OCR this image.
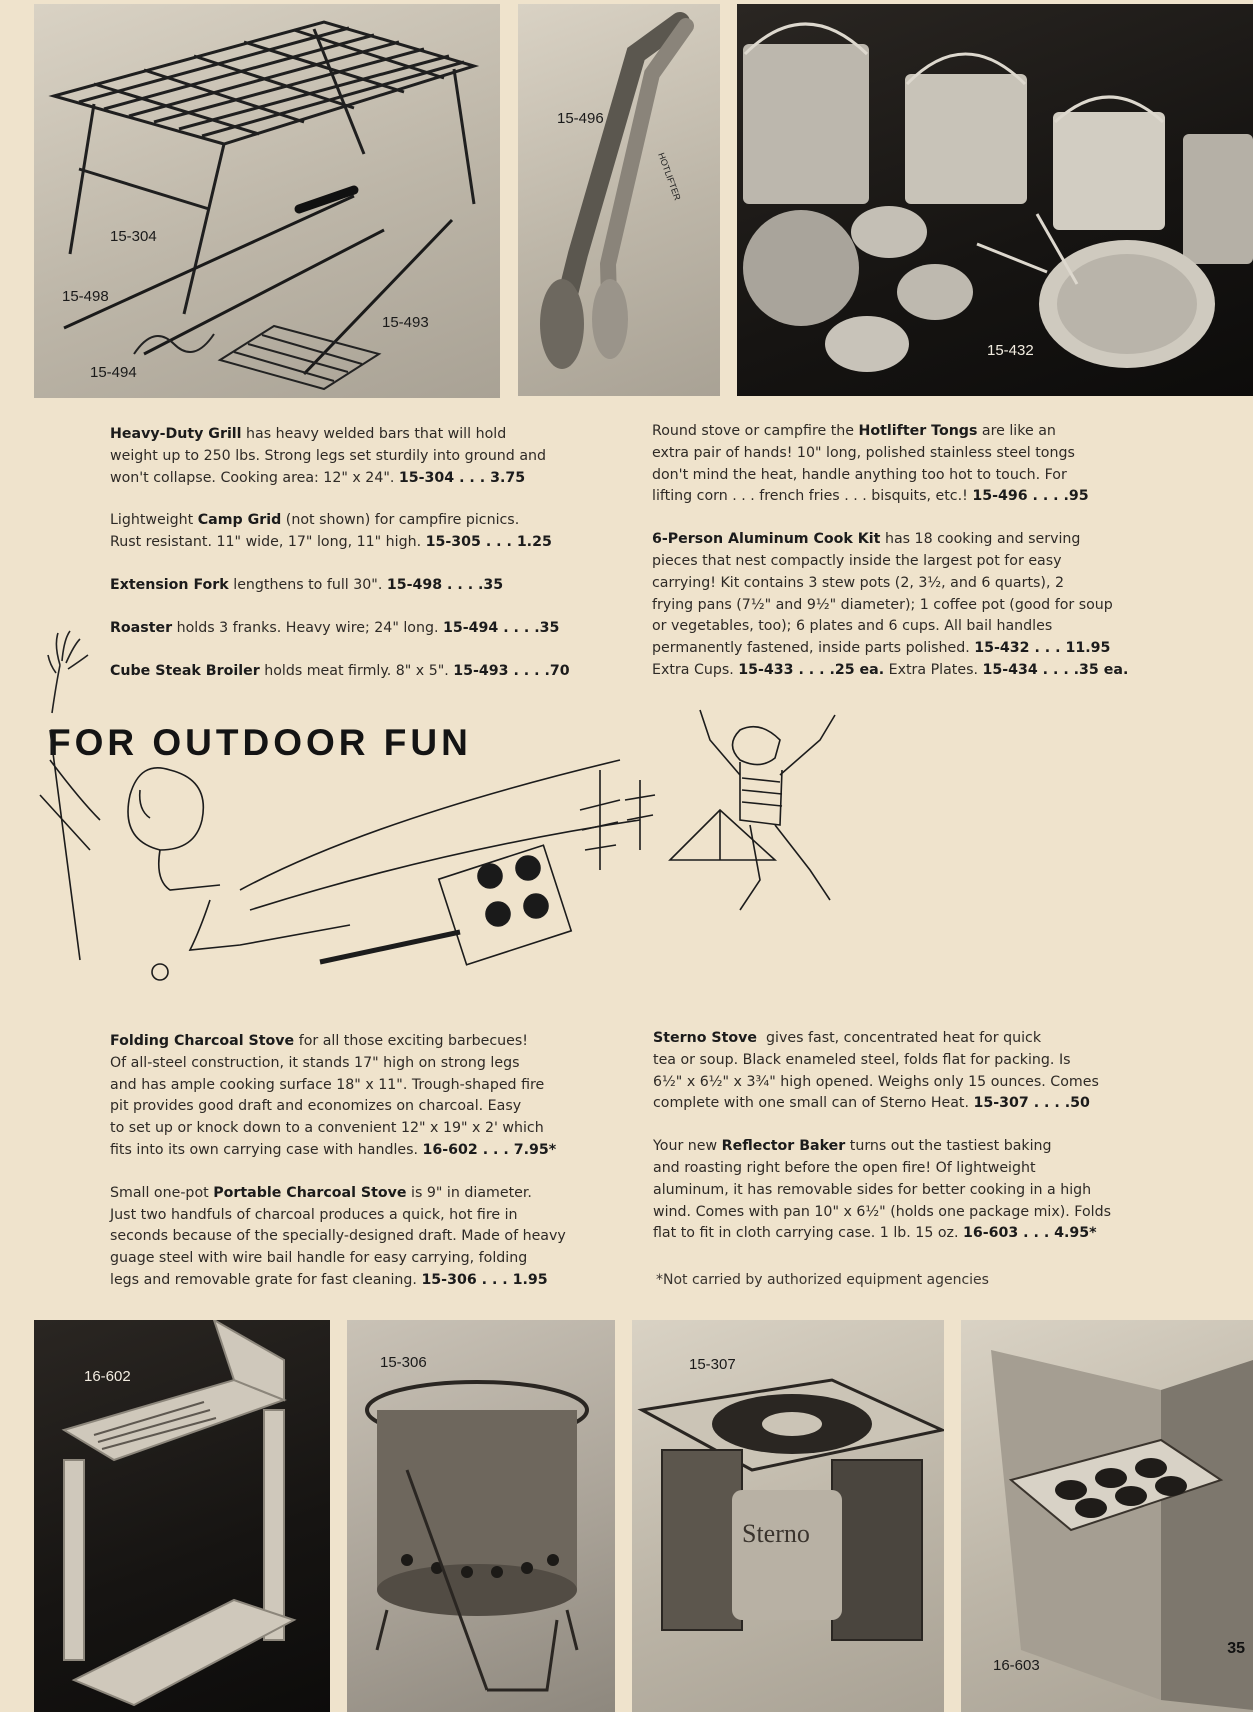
15-304
15-498
15-494
15-493
HOTLIFTER
15-496
15-432
Heavy-Duty Grill has heavy welded bars that will hold
weight up to 250 lbs. Strong legs set sturdily into ground and
won't collapse. Cooking area: 12" x 24". 15-304 . . . 3.75
Lightweight Camp Grid (not shown) for campfire picnics.
Rust resistant. 11" wide, 17" long, 11" high. 15-305 . . . 1.25
Extension Fork lengthens to full 30". 15-498 . . . .35
Roaster holds 3 franks. Heavy wire; 24" long. 15-494 . . . .35
Cube Steak Broiler holds meat firmly. 8" x 5". 15-493 . . . .70
Round stove or campfire the Hotlifter Tongs are like an
extra pair of hands! 10" long, polished stainless steel tongs
don't mind the heat, handle anything too hot to touch. For
lifting corn . . . french fries . . . bisquits, etc.! 15-496 . . . .95
6-Person Aluminum Cook Kit has 18 cooking and serving
pieces that nest compactly inside the largest pot for easy
carrying! Kit contains 3 stew pots (2, 3½, and 6 quarts), 2
frying pans (7½" and 9½" diameter); 1 coffee pot (good for soup
or vegetables, too); 6 plates and 6 cups. All bail handles
permanently fastened, inside parts polished. 15-432 . . . 11.95
Extra Cups. 15-433 . . . .25 ea. Extra Plates. 15-434 . . . .35 ea.
FOR OUTDOOR FUN
Folding Charcoal Stove for all those exciting barbecues!
Of all-steel construction, it stands 17" high on strong legs
and has ample cooking surface 18" x 11". Trough-shaped fire
pit provides good draft and economizes on charcoal. Easy
to set up or knock down to a convenient 12" x 19" x 2' which
fits into its own carrying case with handles. 16-602 . . . 7.95*
Small one-pot Portable Charcoal Stove is 9" in diameter.
Just two handfuls of charcoal produces a quick, hot fire in
seconds because of the specially-designed draft. Made of heavy
guage steel with wire bail handle for easy carrying, folding
legs and removable grate for fast cleaning. 15-306 . . . 1.95
Sterno Stove  gives fast, concentrated heat for quick
tea or soup. Black enameled steel, folds flat for packing. Is
6½" x 6½" x 3¾" high opened. Weighs only 15 ounces. Comes
complete with one small can of Sterno Heat. 15-307 . . . .50
Your new Reflector Baker turns out the tastiest baking
and roasting right before the open fire! Of lightweight
aluminum, it has removable sides for better cooking in a high
wind. Comes with pan 10" x 6½" (holds one package mix). Folds
flat to fit in cloth carrying case. 1 lb. 15 oz. 16-603 . . . 4.95*
*Not carried by authorized equipment agencies
16-602
15-306
Sterno
15-307
16-603
35
